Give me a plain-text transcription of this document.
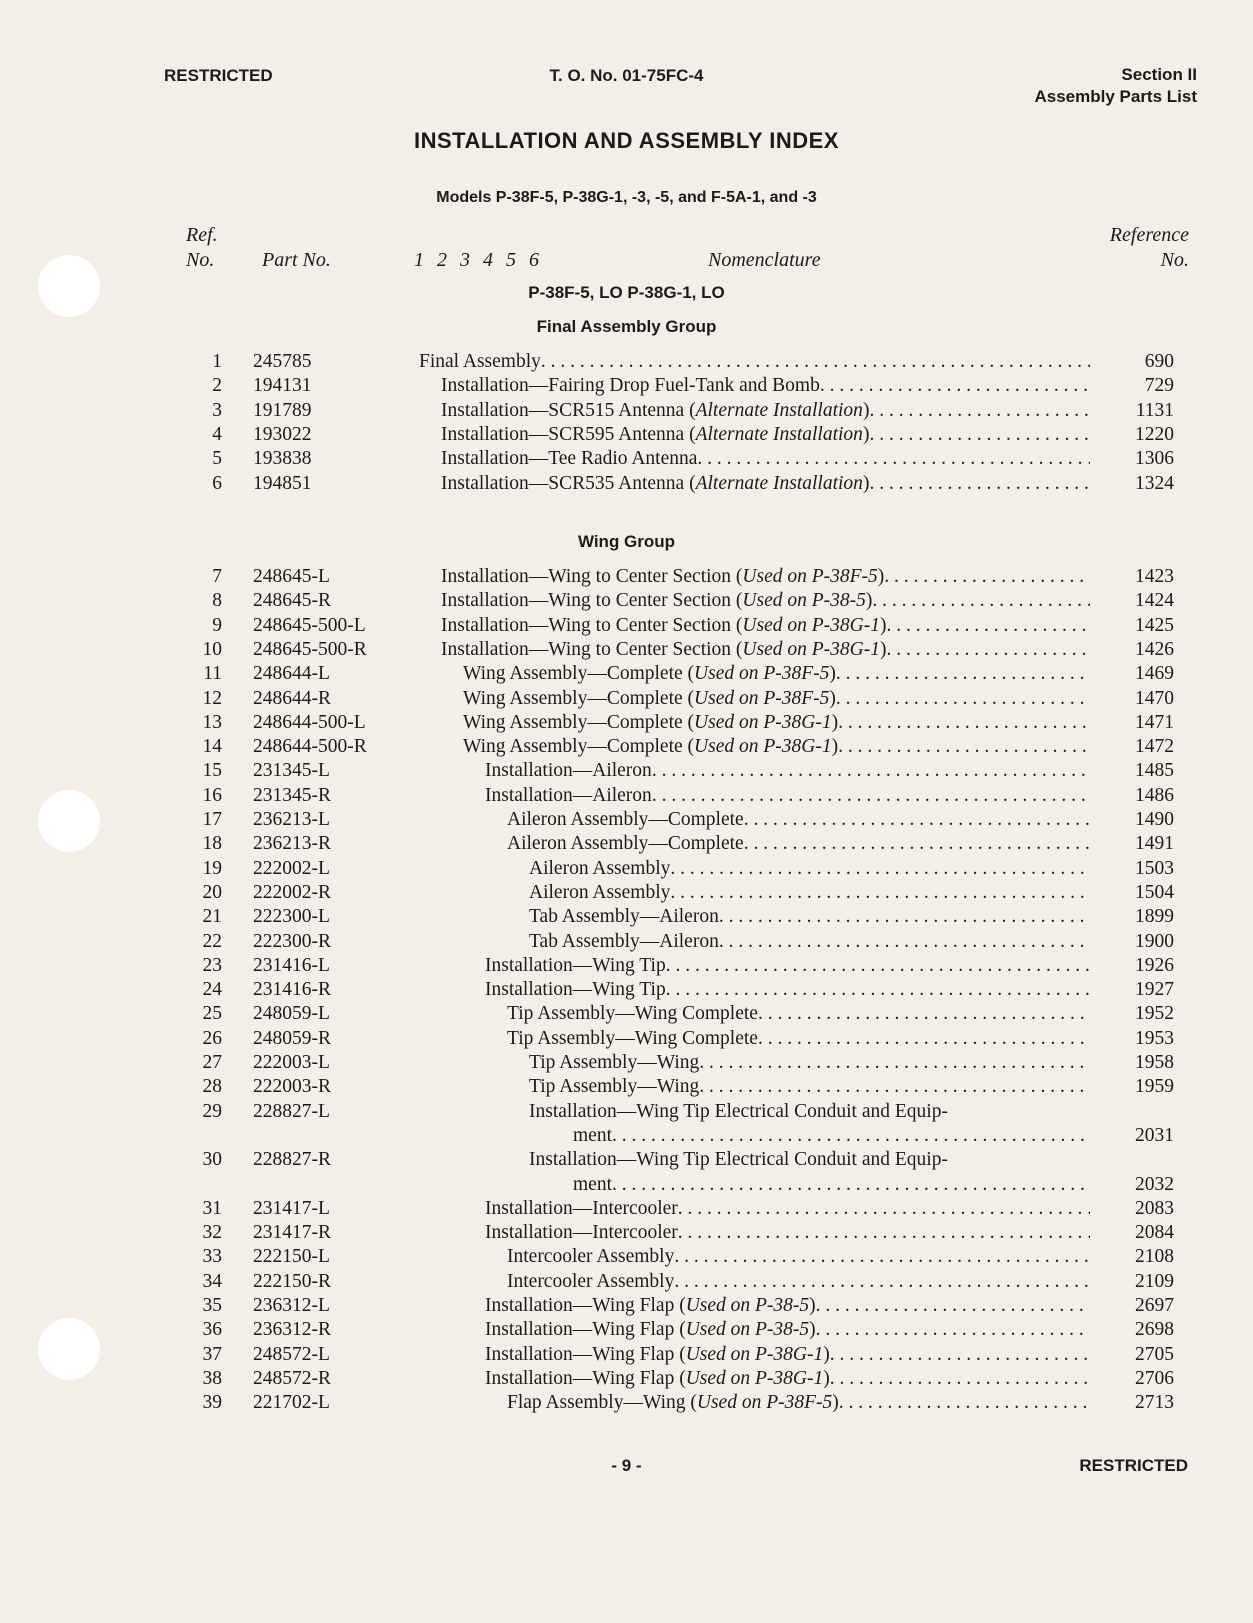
RESTRICTED	T. O. No. 01-75FC-4	Section II
Assembly Parts List
INSTALLATION AND ASSEMBLY INDEX
Models P-38F-5, P-38G-1, -3, -5, and F-5A-1, and -3
Ref.
No. Part No.	1 2 3 4 5 6	Nomenclature
Reference
No.
P-38F-5, LO P-38G-1, LO
Final Assembly Group
1 245785	Final Assembly . . .	690
2 194131	Installation—Fairing Drop Fuel-Tank and Bomb . . .	729
3 191789	Installation—SCR515 Antenna (Alternate Installation) . . .	1131
4 193022	Installation—SCR595 Antenna (Alternate Installation) . . .	1220
5 193838	Installation—Tee Radio Antenna . . .	1306
6 194851	Installation—SCR535 Antenna (Alternate Installation) . . .	1324
Wing Group
7 248645-L	Installation—Wing to Center Section (Used on P-38F-5) . . .	1423
8 248645-R	Installation—Wing to Center Section (Used on P-38-5) . . .	1424
9 248645-500-L	Installation—Wing to Center Section (Used on P-38G-1) . . .	1425
10 248645-500-R	Installation—Wing to Center Section (Used on P-38G-1) . . .	1426
11 248644-L	Wing Assembly—Complete (Used on P-38F-5) . . .	1469
12 248644-R	Wing Assembly—Complete (Used on P-38F-5) . . .	1470
13 248644-500-L	Wing Assembly—Complete (Used on P-38G-1) . . .	1471
14 248644-500-R	Wing Assembly—Complete (Used on P-38G-1) . . .	1472
15 231345-L	Installation—Aileron . . .	1485
16 231345-R	Installation—Aileron . . .	1486
17 236213-L	Aileron Assembly—Complete . . .	1490
18 236213-R	Aileron Assembly—Complete . . .	1491
19 222002-L	Aileron Assembly . . .	1503
20 222002-R	Aileron Assembly . . .	1504
21 222300-L	Tab Assembly—Aileron . . .	1899
22 222300-R	Tab Assembly—Aileron . . .	1900
23 231416-L	Installation—Wing Tip . . .	1926
24 231416-R	Installation—Wing Tip . . .	1927
25 248059-L	Tip Assembly—Wing Complete . . .	1952
26 248059-R	Tip Assembly—Wing Complete . . .	1953
27 222003-L	Tip Assembly—Wing . . .	1958
28 222003-R	Tip Assembly—Wing . . .	1959
29 228827-L	Installation—Wing Tip Electrical Conduit and Equip-
ment . . .	2031
30 228827-R	Installation—Wing Tip Electrical Conduit and Equip-
ment . . .	2032
31 231417-L	Installation—Intercooler . . .	2083
32 231417-R	Installation—Intercooler . . .	2084
33 222150-L	Intercooler Assembly . . .	2108
34 222150-R	Intercooler Assembly . . .	2109
35 236312-L	Installation—Wing Flap (Used on P-38-5) . . .	2697
36 236312-R	Installation—Wing Flap (Used on P-38-5) . . .	2698
37 248572-L	Installation—Wing Flap (Used on P-38G-1) . . .	2705
38 248572-R	Installation—Wing Flap (Used on P-38G-1) . . .	2706
39 221702-L	Flap Assembly—Wing (Used on P-38F-5) . . .	2713
- 9 -	RESTRICTED
